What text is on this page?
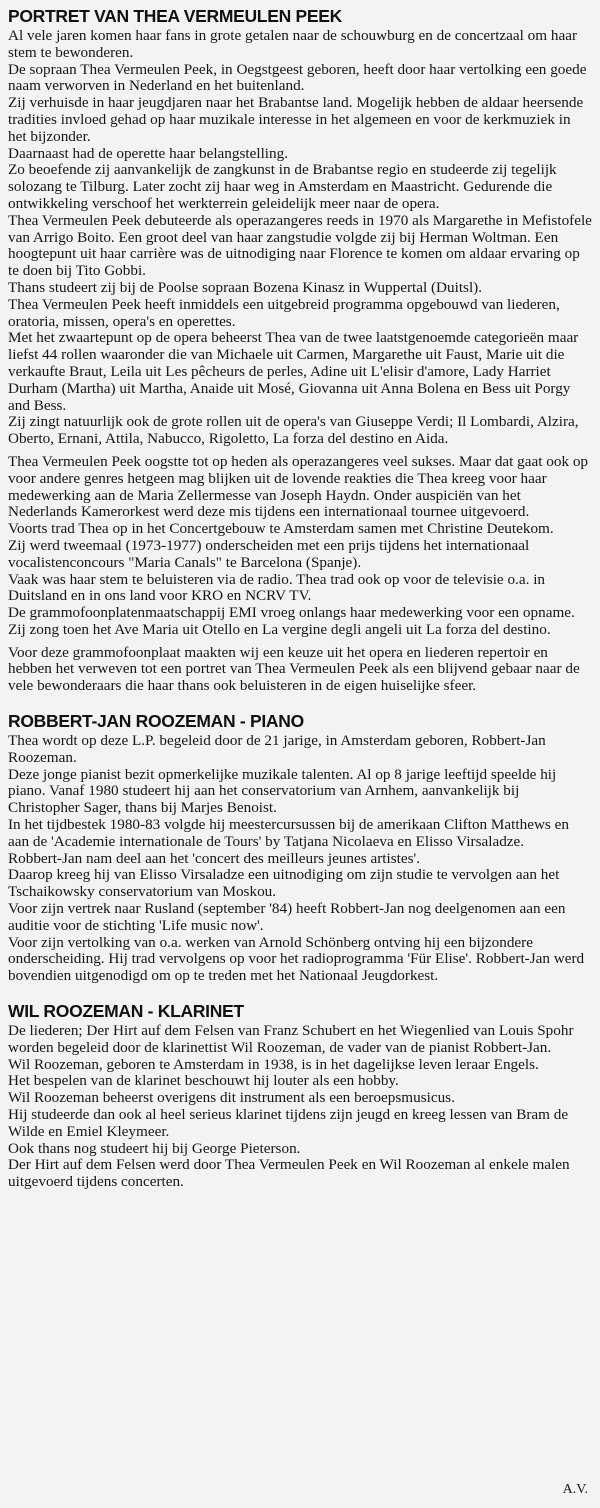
PORTRET VAN THEA VERMEULEN PEEK

Al vele jaren komen haar fans in grote getalen naar de schouwburg en de concertzaal om haar stem te bewonderen.

De sopraan Thea Vermeulen Peek, in Oegstgeest geboren, heeft door haar vertolking een goede naam verworven in Nederland en het buitenland.

Zij verhuisde in haar jeugdjaren naar het Brabantse land. Mogelijk hebben de aldaar heersende tradities invloed gehad op haar muzikale interesse in het algemeen en voor de kerkmuziek in het bijzonder.

Daarnaast had de operette haar belangstelling.

Zo beoefende zij aanvankelijk de zangkunst in de Brabantse regio en studeerde zij tegelijk solozang te Tilburg. Later zocht zij haar weg in Amsterdam en Maastricht. Gedurende die ontwikkeling verschoof het werkterrein geleidelijk meer naar de opera.

Thea Vermeulen Peek debuteerde als operazangeres reeds in 1970 als Margarethe in Mefistofele van Arrigo Boito. Een groot deel van haar zangstudie volgde zij bij Herman Woltman. Een hoogtepunt uit haar carrière was de uitnodiging naar Florence te komen om aldaar ervaring op te doen bij Tito Gobbi.

Thans studeert zij bij de Poolse sopraan Bozena Kinasz in Wuppertal (Duitsl).

Thea Vermeulen Peek heeft inmiddels een uitgebreid programma opgebouwd van liederen, oratoria, missen, opera's en operettes.

Met het zwaartepunt op de opera beheerst Thea van de twee laatstgenoemde categorieën maar liefst 44 rollen waaronder die van Michaele uit Carmen, Margarethe uit Faust, Marie uit die verkaufte Braut, Leila uit Les pêcheurs de perles, Adine uit L'elisir d'amore, Lady Harriet Durham (Martha) uit Martha, Anaide uit Mosé, Giovanna uit Anna Bolena en Bess uit Porgy and Bess.

Zij zingt natuurlijk ook de grote rollen uit de opera's van Giuseppe Verdi; Il Lombardi, Alzira, Oberto, Ernani, Attila, Nabucco, Rigoletto, La forza del destino en Aida.

Thea Vermeulen Peek oogstte tot op heden als operazangeres veel sukses. Maar dat gaat ook op voor andere genres hetgeen mag blijken uit de lovende reakties die Thea kreeg voor haar medewerking aan de Maria Zellermesse van Joseph Haydn. Onder auspiciën van het Nederlands Kamerorkest werd deze mis tijdens een internationaal tournee uitgevoerd.

Voorts trad Thea op in het Concertgebouw te Amsterdam samen met Christine Deutekom.

Zij werd tweemaal (1973-1977) onderscheiden met een prijs tijdens het internationaal vocalistenconcours "Maria Canals" te Barcelona (Spanje).

Vaak was haar stem te beluisteren via de radio. Thea trad ook op voor de televisie o.a. in Duitsland en in ons land voor KRO en NCRV TV.

De grammofoonplatenmaatschappij EMI vroeg onlangs haar medewerking voor een opname. Zij zong toen het Ave Maria uit Otello en La vergine degli angeli uit La forza del destino.

Voor deze grammofoonplaat maakten wij een keuze uit het opera en liederen repertoir en hebben het verweven tot een portret van Thea Vermeulen Peek als een blijvend gebaar naar de vele bewonderaars die haar thans ook beluisteren in de eigen huiselijke sfeer.

ROBBERT-JAN ROOZEMAN - PIANO

Thea wordt op deze L.P. begeleid door de 21 jarige, in Amsterdam geboren, Robbert-Jan Roozeman.

Deze jonge pianist bezit opmerkelijke muzikale talenten. Al op 8 jarige leeftijd speelde hij piano. Vanaf 1980 studeert hij aan het conservatorium van Arnhem, aanvankelijk bij Christopher Sager, thans bij Marjes Benoist.

In het tijdbestek 1980-83 volgde hij meestercursussen bij de amerikaan Clifton Matthews en aan de 'Academie internationale de Tours' by Tatjana Nicolaeva en Elisso Virsaladze.

Robbert-Jan nam deel aan het 'concert des meilleurs jeunes artistes'.

Daarop kreeg hij van Elisso Virsaladze een uitnodiging om zijn studie te vervolgen aan het Tschaikowsky conservatorium van Moskou.

Voor zijn vertrek naar Rusland (september '84) heeft Robbert-Jan nog deelgenomen aan een auditie voor de stichting 'Life music now'.

Voor zijn vertolking van o.a. werken van Arnold Schönberg ontving hij een bijzondere onderscheiding. Hij trad vervolgens op voor het radioprogramma 'Für Elise'. Robbert-Jan werd bovendien uitgenodigd om op te treden met het Nationaal Jeugdorkest.

WIL ROOZEMAN - KLARINET

De liederen; Der Hirt auf dem Felsen van Franz Schubert en het Wiegenlied van Louis Spohr worden begeleid door de klarinettist Wil Roozeman, de vader van de pianist Robbert-Jan.

Wil Roozeman, geboren te Amsterdam in 1938, is in het dagelijkse leven leraar Engels.

Het bespelen van de klarinet beschouwt hij louter als een hobby.

Wil Roozeman beheerst overigens dit instrument als een beroepsmusicus.

Hij studeerde dan ook al heel serieus klarinet tijdens zijn jeugd en kreeg lessen van Bram de Wilde en Emiel Kleymeer.

Ook thans nog studeert hij bij George Pieterson.

Der Hirt auf dem Felsen werd door Thea Vermeulen Peek en Wil Roozeman al enkele malen uitgevoerd tijdens concerten.

A.V.
